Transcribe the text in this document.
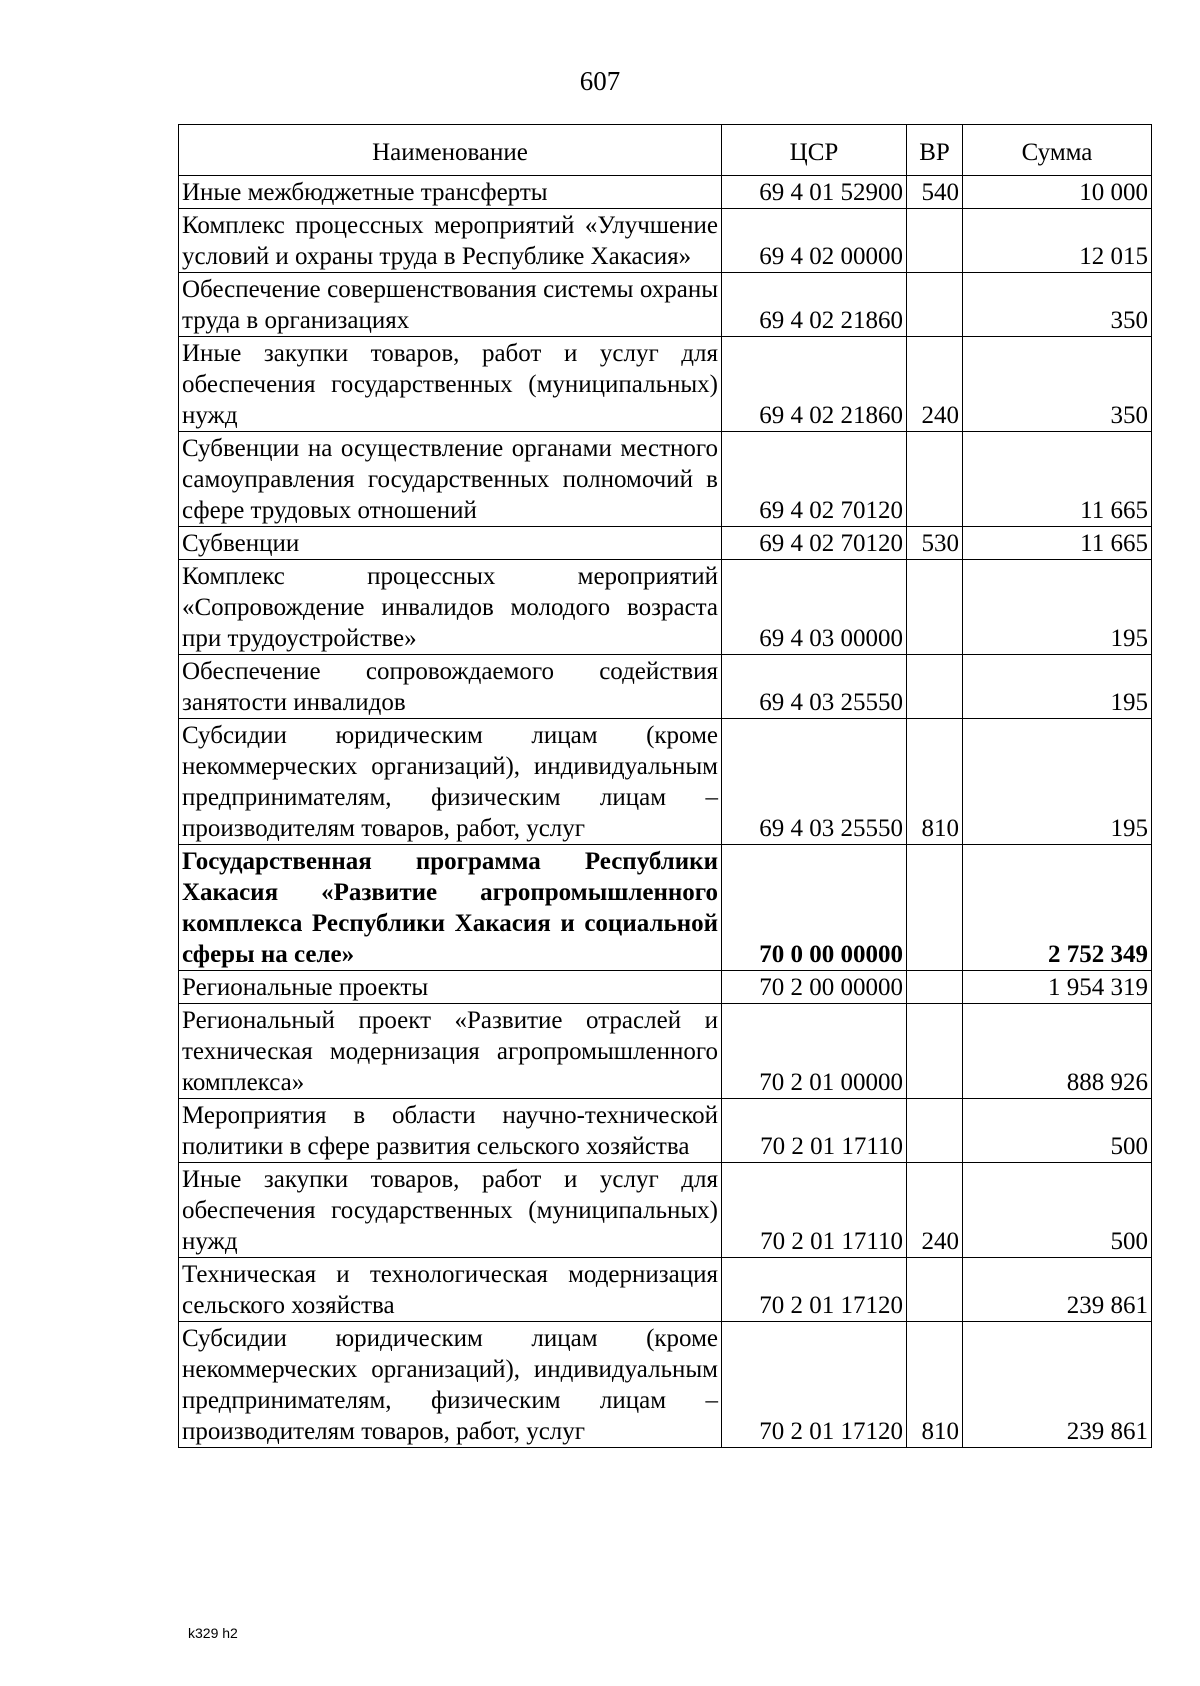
607
Наименование	ЦСР	ВР	Сумма
Иные межбюджетные трансферты	69 4 01 52900	540	10 000
Комплекс процессных мероприятий «Улучшение условий и охраны труда в Республике Хакасия»	69 4 02 00000		12 015
Обеспечение совершенствования системы охраны труда в организациях	69 4 02 21860		350
Иные закупки товаров, работ и услуг для обеспечения государственных (муниципальных) нужд	69 4 02 21860	240	350
Субвенции на осуществление органами местного самоуправления государственных полномочий в сфере трудовых отношений	69 4 02 70120		11 665
Субвенции	69 4 02 70120	530	11 665
Комплекс процессных мероприятий «Сопровождение инвалидов молодого возраста при трудоустройстве»	69 4 03 00000		195
Обеспечение сопровождаемого содействия занятости инвалидов	69 4 03 25550		195
Субсидии юридическим лицам (кроме некоммерческих организаций), индивидуальным предпринимателям, физическим лицам – производителям товаров, работ, услуг	69 4 03 25550	810	195
Государственная программа Республики Хакасия «Развитие агропромышленного комплекса Республики Хакасия и социальной сферы на селе»	70 0 00 00000		2 752 349
Региональные проекты	70 2 00 00000		1 954 319
Региональный проект «Развитие отраслей и техническая модернизация агропромышленного комплекса»	70 2 01 00000		888 926
Мероприятия в области научно-технической политики в сфере развития сельского хозяйства	70 2 01 17110		500
Иные закупки товаров, работ и услуг для обеспечения государственных (муниципальных) нужд	70 2 01 17110	240	500
Техническая и технологическая модернизация сельского хозяйства	70 2 01 17120		239 861
Субсидии юридическим лицам (кроме некоммерческих организаций), индивидуальным предпринимателям, физическим лицам – производителям товаров, работ, услуг	70 2 01 17120	810	239 861
k329 h2
